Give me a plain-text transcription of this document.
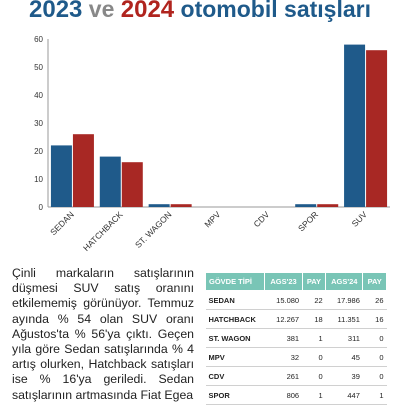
2023 ve 2024 otomobil satışları
0
10
20
30
40
50
60
SEDAN HATCHBACK ST. WAGON	MPV	CDV	SPOR	SUV
Çinli markaların satışlarının düşmesi SUV satış oranını etkilememiş görünüyor. Temmuz ayında % 54 olan SUV oranı Ağustos'ta % 56'ya çıktı. Geçen yıla göre Sedan satışlarında % 4 artış olurken, Hatchback satışları ise % 16'ya geriledi. Sedan satışlarının artmasında Fiat Egea
GÖVDE TİPİ	AGS'23	PAY	AGS'24	PAY
SEDAN	15.080	22	17.986	26
HATCHBACK	12.267	18	11.351	16
ST. WAGON	381	1	311	0
MPV	32	0	45	0
CDV	261	0	39	0
SPOR	806	1	447	1
